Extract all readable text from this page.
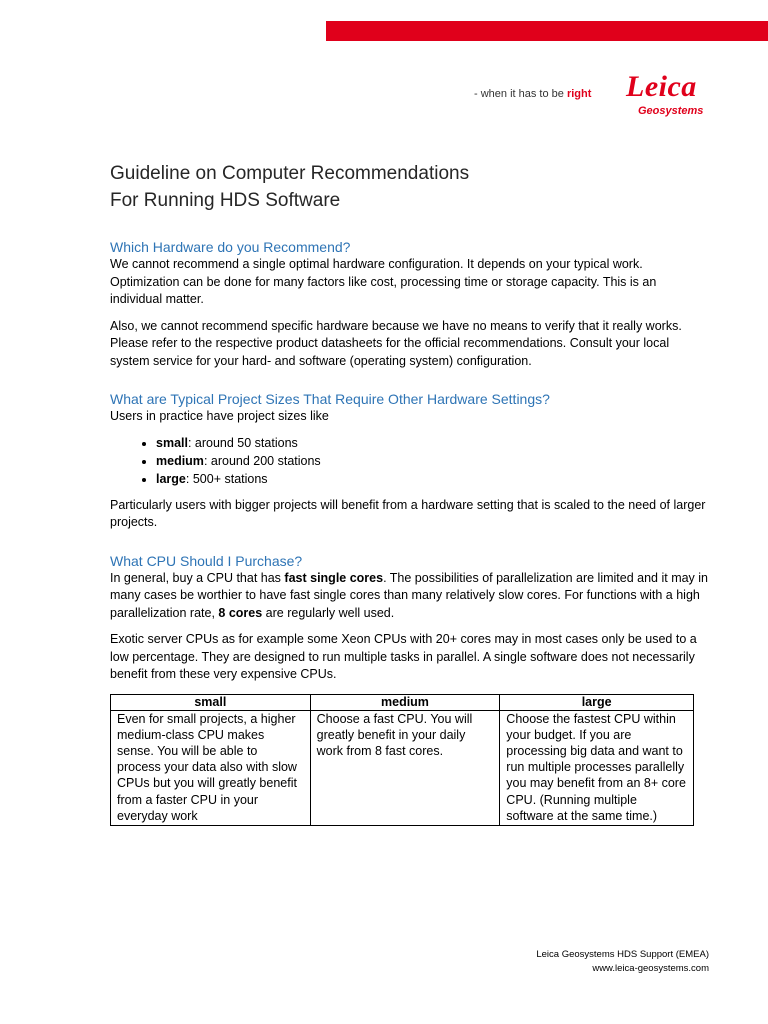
- when it has to be right Leica
Geosystems
Guideline on Computer Recommendations
For Running HDS Software
Which Hardware do you Recommend?

We cannot recommend a single optimal hardware configuration. It depends on your typical work. Optimization can be done for many factors like cost, processing time or storage capacity. This is an individual matter.

Also, we cannot recommend specific hardware because we have no means to verify that it really works. Please refer to the respective product datasheets for the official recommendations. Consult your local system service for your hard- and software (operating system) configuration.

What are Typical Project Sizes That Require Other Hardware Settings?

Users in practice have project sizes like

• small: around 50 stations
• medium: around 200 stations
• large: 500+ stations

Particularly users with bigger projects will benefit from a hardware setting that is scaled to the need of larger projects.

What CPU Should I Purchase?

In general, buy a CPU that has fast single cores. The possibilities of parallelization are limited and it may in many cases be worthier to have fast single cores than many relatively slow cores. For functions with a high parallelization rate, 8 cores are regularly well used.

Exotic server CPUs as for example some Xeon CPUs with 20+ cores may in most cases only be used to a low percentage. They are designed to run multiple tasks in parallel. A single software does not necessarily benefit from these very expensive CPUs.

small	medium	large
Even for small projects, a higher medium-class CPU makes sense. You will be able to process your data also with slow CPUs but you will greatly benefit from a faster CPU in your everyday work	Choose a fast CPU. You will greatly benefit in your daily work from 8 fast cores.	Choose the fastest CPU within your budget. If you are processing big data and want to run multiple processes parallelly you may benefit from an 8+ core CPU. (Running multiple software at the same time.)
Leica Geosystems HDS Support (EMEA)
www.leica-geosystems.com
